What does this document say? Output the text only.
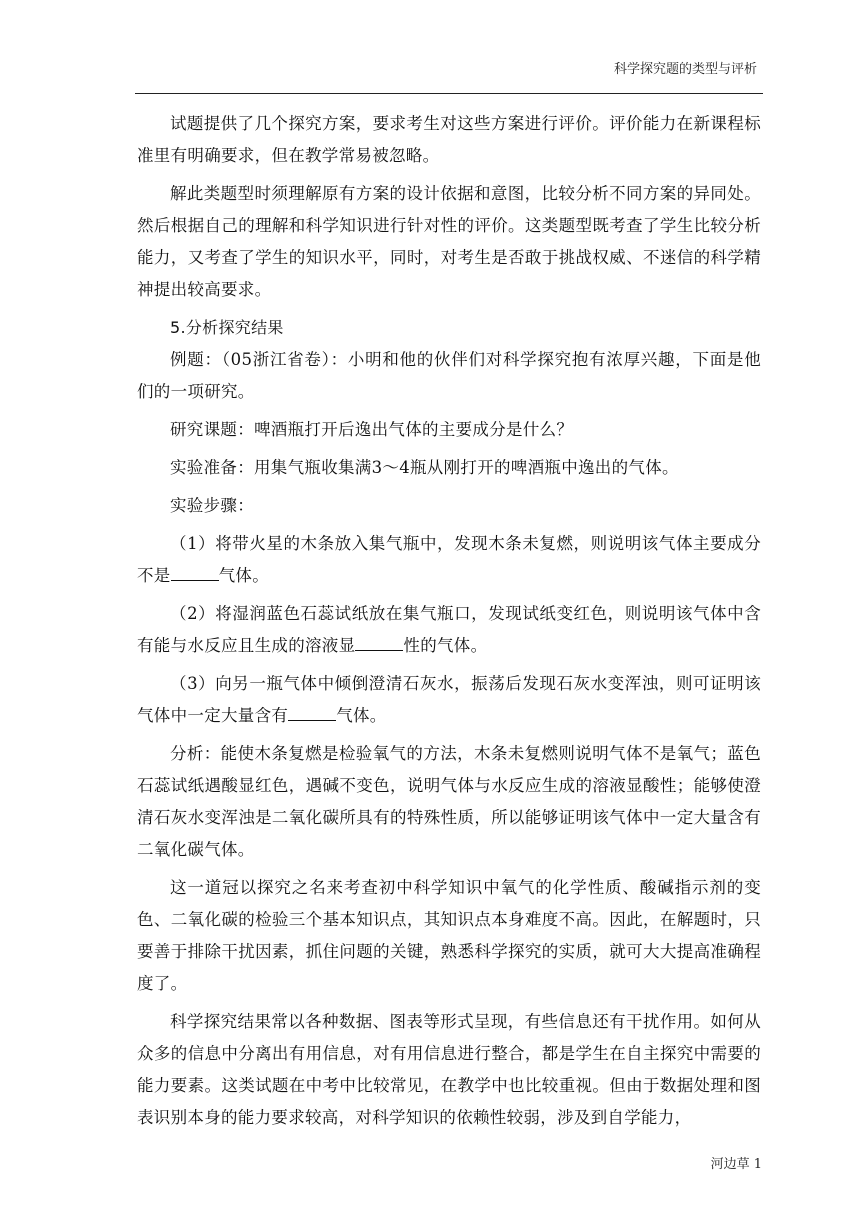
科学探究题的类型与评析

试题提供了几个探究方案，要求考生对这些方案进行评价。评价能力在新课程标准里有明确要求，但在教学常易被忽略。

解此类题型时须理解原有方案的设计依据和意图，比较分析不同方案的异同处。然后根据自己的理解和科学知识进行针对性的评价。这类题型既考查了学生比较分析能力，又考查了学生的知识水平，同时，对考生是否敢于挑战权威、不迷信的科学精神提出较高要求。

5.分析探究结果

例题：（05浙江省卷）：小明和他的伙伴们对科学探究抱有浓厚兴趣，下面是他们的一项研究。

研究课题：啤酒瓶打开后逸出气体的主要成分是什么？

实验准备：用集气瓶收集满3～4瓶从刚打开的啤酒瓶中逸出的气体。

实验步骤：

（1）将带火星的木条放入集气瓶中，发现木条未复燃，则说明该气体主要成分不是	气体。

（2）将湿润蓝色石蕊试纸放在集气瓶口，发现试纸变红色，则说明该气体中含有能与水反应且生成的溶液显	性的气体。

（3）向另一瓶气体中倾倒澄清石灰水，振荡后发现石灰水变浑浊，则可证明该气体中一定大量含有	气体。

分析：能使木条复燃是检验氧气的方法，木条未复燃则说明气体不是氧气；蓝色石蕊试纸遇酸显红色，遇碱不变色，说明气体与水反应生成的溶液显酸性；能够使澄清石灰水变浑浊是二氧化碳所具有的特殊性质，所以能够证明该气体中一定大量含有二氧化碳气体。

这一道冠以探究之名来考查初中科学知识中氧气的化学性质、酸碱指示剂的变色、二氧化碳的检验三个基本知识点，其知识点本身难度不高。因此，在解题时，只要善于排除干扰因素，抓住问题的关键，熟悉科学探究的实质，就可大大提高准确程度了。

科学探究结果常以各种数据、图表等形式呈现，有些信息还有干扰作用。如何从众多的信息中分离出有用信息，对有用信息进行整合，都是学生在自主探究中需要的能力要素。这类试题在中考中比较常见，在教学中也比较重视。但由于数据处理和图表识别本身的能力要求较高，对科学知识的依赖性较弱，涉及到自学能力，

河边草 1
